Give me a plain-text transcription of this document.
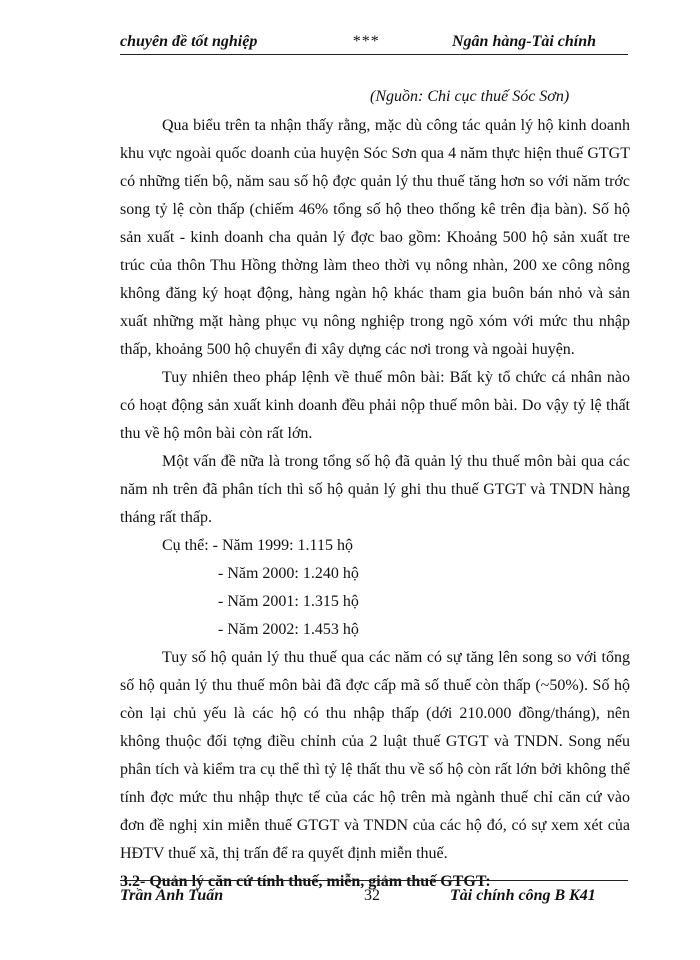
chuyên đề tốt nghiệp	***	Ngân hàng-Tài chính
(Nguồn: Chi cục thuế Sóc Sơn)

Qua biểu trên ta nhận thấy rằng, mặc dù công tác quản lý hộ kinh doanh khu vực ngoài quốc doanh của huyện Sóc Sơn qua 4 năm thực hiện thuế GTGT có những tiến bộ, năm sau số hộ đợc quản lý thu thuế tăng hơn so với năm trớc song tỷ lệ còn thấp (chiếm 46% tổng số hộ theo thống kê trên địa bàn). Số hộ sản xuất - kinh doanh cha quản lý đợc bao gồm: Khoảng 500 hộ sản xuất tre trúc của thôn Thu Hồng thờng làm theo thời vụ nông nhàn, 200 xe công nông không đăng ký hoạt động, hàng ngàn hộ khác tham gia buôn bán nhỏ và sản xuất những mặt hàng phục vụ nông nghiệp trong ngõ xóm với mức thu nhập thấp, khoảng 500 hộ chuyển đi xây dựng các nơi trong và ngoài huyện.

Tuy nhiên theo pháp lệnh về thuế môn bài: Bất kỳ tổ chức cá nhân nào có hoạt động sản xuất kinh doanh đều phải nộp thuế môn bài. Do vậy tỷ lệ thất thu về hộ môn bài còn rất lớn.

Một vấn đề nữa là trong tổng số hộ đã quản lý thu thuế môn bài qua các năm nh trên đã phân tích thì số hộ quản lý ghi thu thuế GTGT và TNDN hàng tháng rất thấp.

Cụ thể: - Năm 1999: 1.115 hộ
- Năm 2000: 1.240 hộ
- Năm 2001: 1.315 hộ
- Năm 2002: 1.453 hộ

Tuy số hộ quản lý thu thuế qua các năm có sự tăng lên song so với tổng số hộ quản lý thu thuế môn bài đã đợc cấp mã số thuế còn thấp (~50%). Số hộ còn lại chủ yếu là các hộ có thu nhập thấp (dới 210.000 đồng/tháng), nên không thuộc đối tợng điều chỉnh của 2 luật thuế GTGT và TNDN. Song nếu phân tích và kiểm tra cụ thể thì tỷ lệ thất thu về số hộ còn rất lớn bởi không thể tính đợc mức thu nhập thực tế của các hộ trên mà ngành thuế chỉ căn cứ vào đơn đề nghị xin miễn thuế GTGT và TNDN của các hộ đó, có sự xem xét của HĐTV thuế xã, thị trấn để ra quyết định miễn thuế.

3.2- Quản lý căn cứ tính thuế, miễn, giảm thuế GTGT:
Trần Anh Tuấn	32	Tài chính công B K41
